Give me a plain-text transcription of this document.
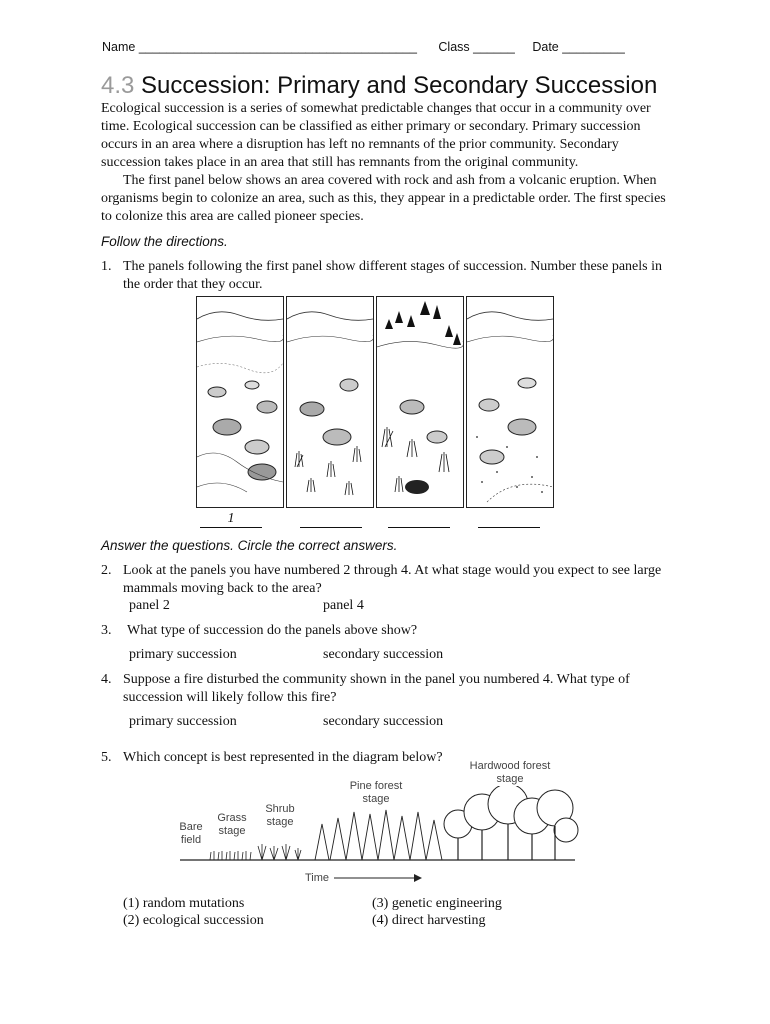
Name ________________________________________ Class ______ Date _________
4.3 Succession: Primary and Secondary Succession

Ecological succession is a series of somewhat predictable changes that occur in a community over time. Ecological succession can be classified as either primary or secondary. Primary succession occurs in an area where a disruption has left no remnants of the prior community. Secondary succession takes place in an area that still has remnants from the original community.

The first panel below shows an area covered with rock and ash from a volcanic eruption. When organisms begin to colonize an area, such as this, they appear in a predictable order. The first species to colonize this area are called pioneer species.

Follow the directions.
1. The panels following the first panel show different stages of succession. Number these panels in the order that they occur.
1
Answer the questions. Circle the correct answers.
2. Look at the panels you have numbered 2 through 4. At what stage would you expect to see large mammals moving back to the area?
panel 2	panel 4
3. What type of succession do the panels above show?
primary succession	secondary succession
4. Suppose a fire disturbed the community shown in the panel you numbered 4. What type of succession will likely follow this fire?
primary succession	secondary succession
5. Which concept is best represented in the diagram below?
Hardwood forest stage
Pine forest stage
Shrub stage
Grass stage
Bare field
Time
(1) random mutations
(2) ecological succession
(3) genetic engineering
(4) direct harvesting
